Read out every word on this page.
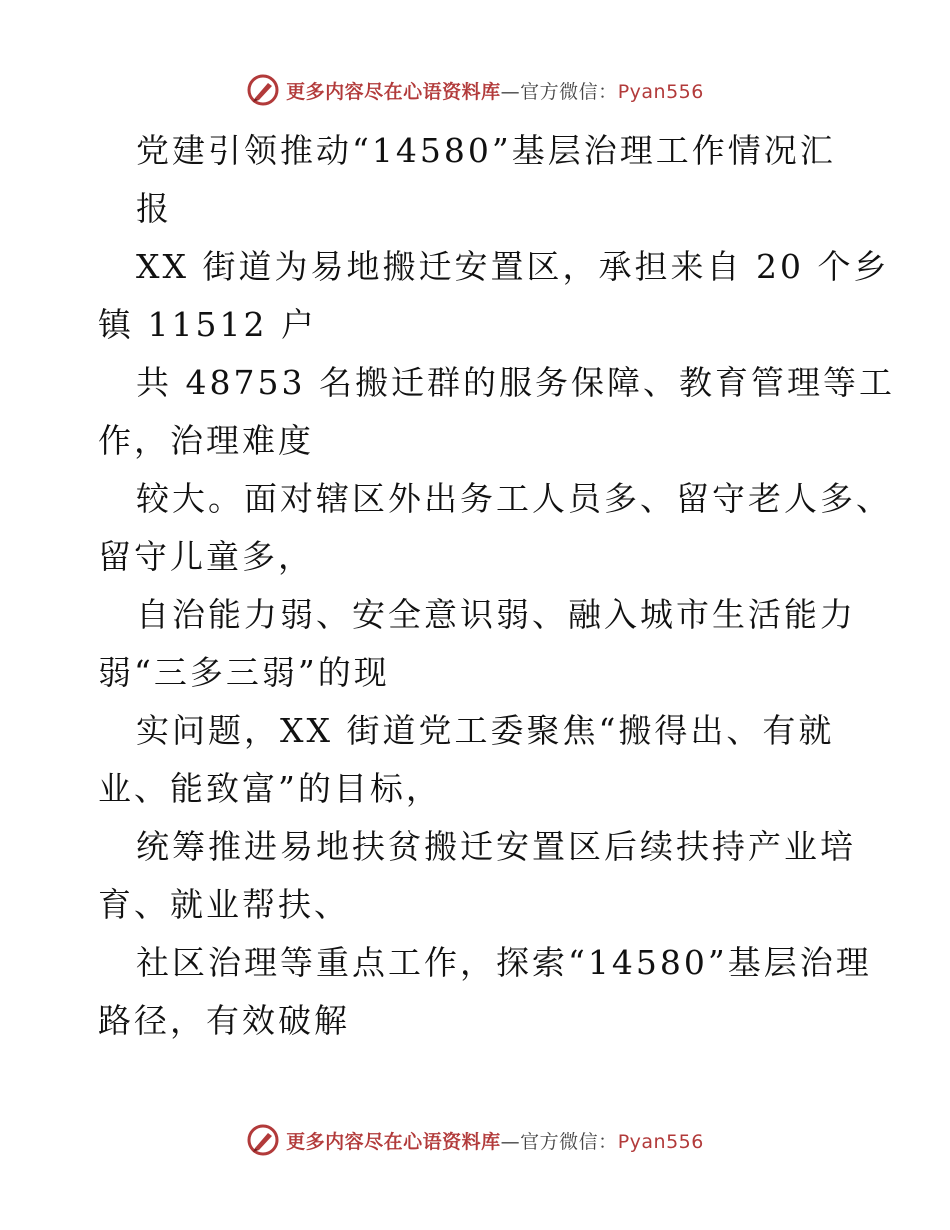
更多内容尽在心语资料库—官方微信：Pyan556
党建引领推动“14580”基层治理工作情况汇
报
XX 街道为易地搬迁安置区，承担来自 20 个乡
镇 11512 户
共 48753 名搬迁群的服务保障、教育管理等工
作，治理难度
较大。面对辖区外出务工人员多、留守老人多、
留守儿童多，
自治能力弱、安全意识弱、融入城市生活能力
弱“三多三弱”的现
实问题，XX 街道党工委聚焦“搬得出、有就
业、能致富”的目标，
统筹推进易地扶贫搬迁安置区后续扶持产业培
育、就业帮扶、
社区治理等重点工作，探索“14580”基层治理
路径，有效破解
更多内容尽在心语资料库—官方微信：Pyan556
